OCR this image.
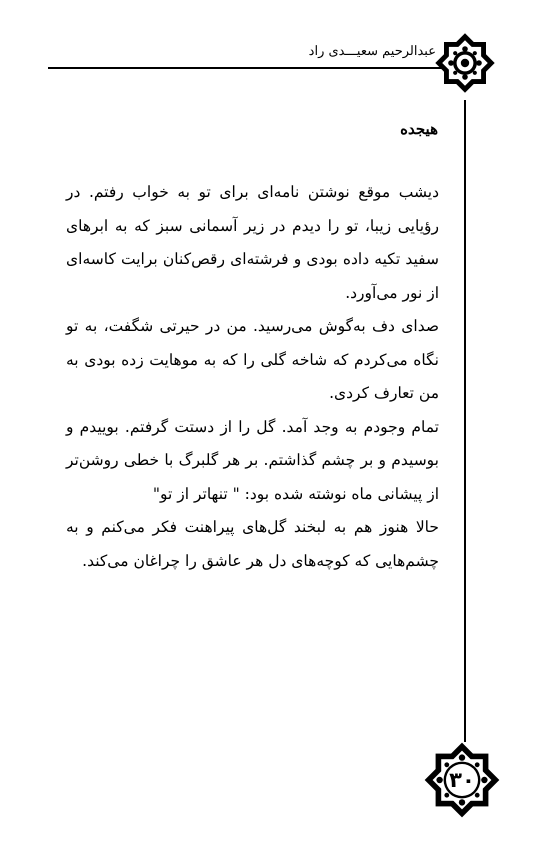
عبدالرحیم سعیـــدی راد
هیجده

دیشب موقع نوشتن نامه‌ای برای تو به خواب رفتم. در رؤیایی زیبا، تو را دیدم در زیر آسمانی سبز که به ابرهای سفید تکیه داده بودی و فرشته‌ای رقص‌کنان برایت کاسه‌ای از نور می‌آورد.

صدای دف به‌گوش می‌رسید. من در حیرتی شگفت، به تو نگاه می‌کردم که شاخه گلی را که به موهایت زده بودی به من تعارف کردی.

تمام وجودم به وجد آمد. گل را از دستت گرفتم. بوییدم و بوسیدم و بر چشم گذاشتم. بر هر گلبرگ با خطی روشن‌تر از پیشانی ماه نوشته شده بود: " تنهاتر از تو"

حالا هنوز هم به لبخند گل‌های پیراهنت فکر می‌کنم و به چشم‌هایی که کوچه‌های دل هر عاشق را چراغان می‌کند.

۳۰
